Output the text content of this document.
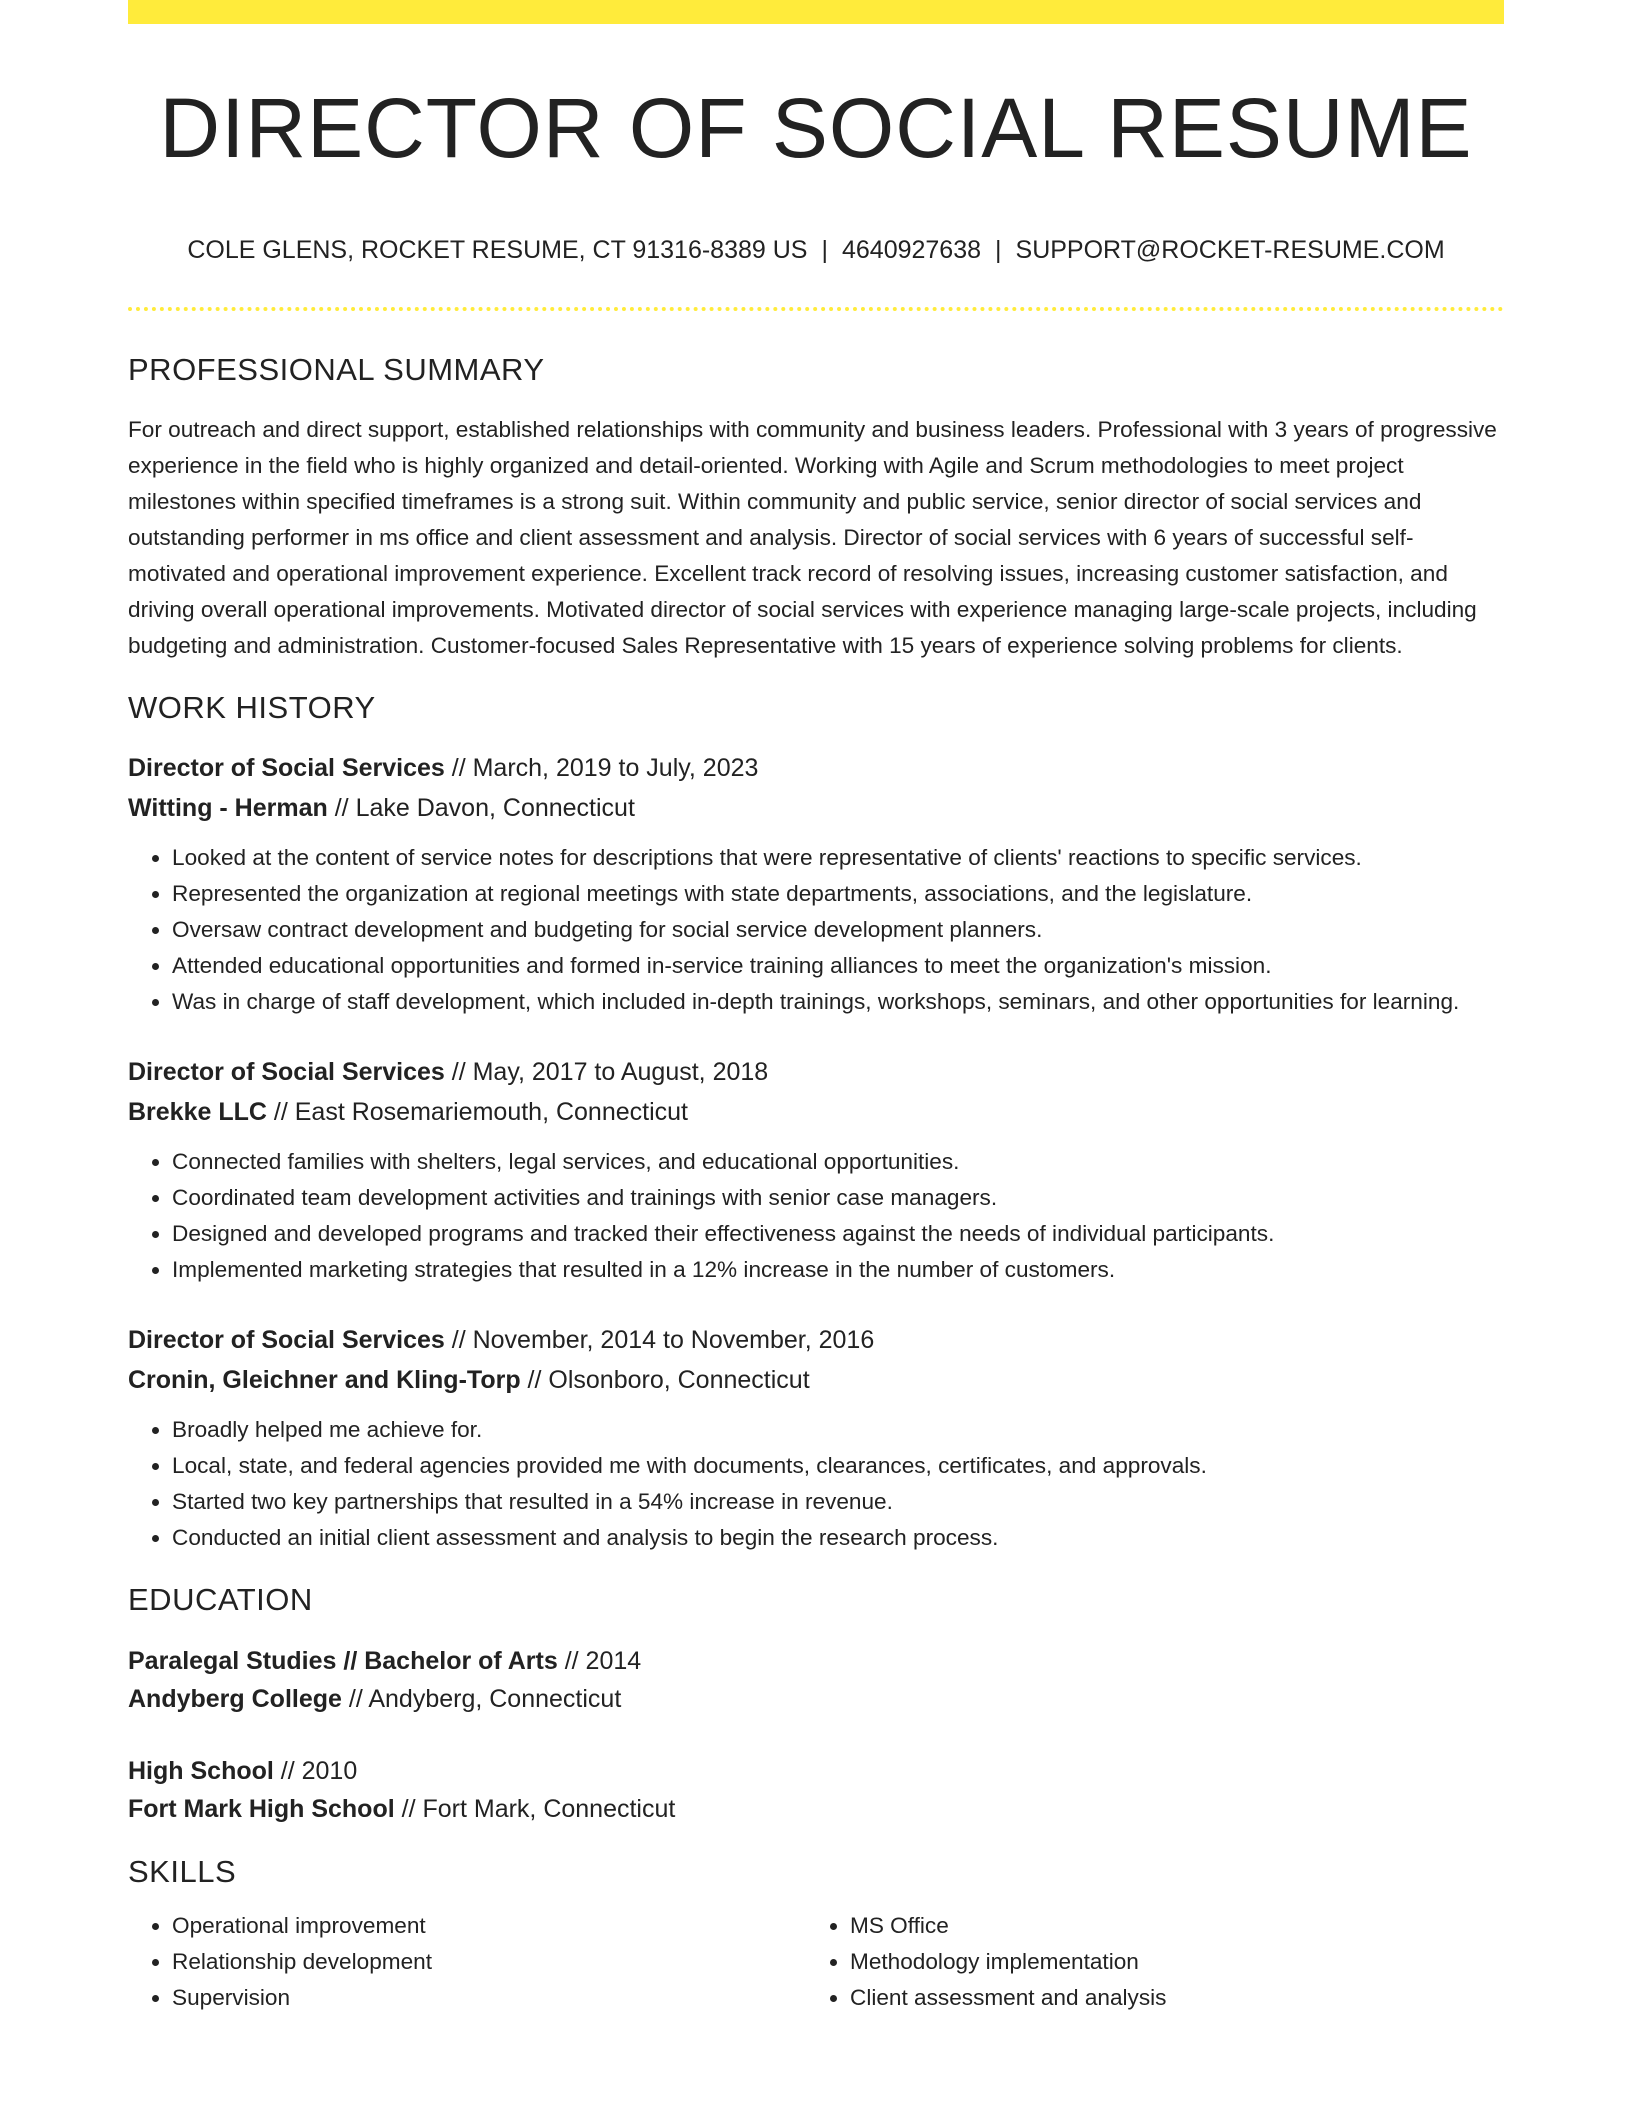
DIRECTOR OF SOCIAL RESUME
COLE GLENS, ROCKET RESUME, CT 91316-8389 US | 4640927638 | SUPPORT@ROCKET-RESUME.COM
PROFESSIONAL SUMMARY

For outreach and direct support, established relationships with community and business leaders. Professional with 3 years of progressive experience in the field who is highly organized and detail-oriented. Working with Agile and Scrum methodologies to meet project milestones within specified timeframes is a strong suit. Within community and public service, senior director of social services and outstanding performer in ms office and client assessment and analysis. Director of social services with 6 years of successful self-motivated and operational improvement experience. Excellent track record of resolving issues, increasing customer satisfaction, and driving overall operational improvements. Motivated director of social services with experience managing large-scale projects, including budgeting and administration. Customer-focused Sales Representative with 15 years of experience solving problems for clients.

WORK HISTORY
Director of Social Services // March, 2019 to July, 2023
Witting - Herman // Lake Davon, Connecticut
• Looked at the content of service notes for descriptions that were representative of clients' reactions to specific services.
• Represented the organization at regional meetings with state departments, associations, and the legislature.
• Oversaw contract development and budgeting for social service development planners.
• Attended educational opportunities and formed in-service training alliances to meet the organization's mission.
• Was in charge of staff development, which included in-depth trainings, workshops, seminars, and other opportunities for learning.
Director of Social Services // May, 2017 to August, 2018
Brekke LLC // East Rosemariemouth, Connecticut
• Connected families with shelters, legal services, and educational opportunities.
• Coordinated team development activities and trainings with senior case managers.
• Designed and developed programs and tracked their effectiveness against the needs of individual participants.
• Implemented marketing strategies that resulted in a 12% increase in the number of customers.
Director of Social Services // November, 2014 to November, 2016
Cronin, Gleichner and Kling-Torp // Olsonboro, Connecticut
• Broadly helped me achieve for.
• Local, state, and federal agencies provided me with documents, clearances, certificates, and approvals.
• Started two key partnerships that resulted in a 54% increase in revenue.
• Conducted an initial client assessment and analysis to begin the research process.
EDUCATION
Paralegal Studies // Bachelor of Arts // 2014
Andyberg College // Andyberg, Connecticut
High School // 2010
Fort Mark High School // Fort Mark, Connecticut
SKILLS
• Operational improvement
• Relationship development
• Supervision
• MS Office
• Methodology implementation
• Client assessment and analysis
